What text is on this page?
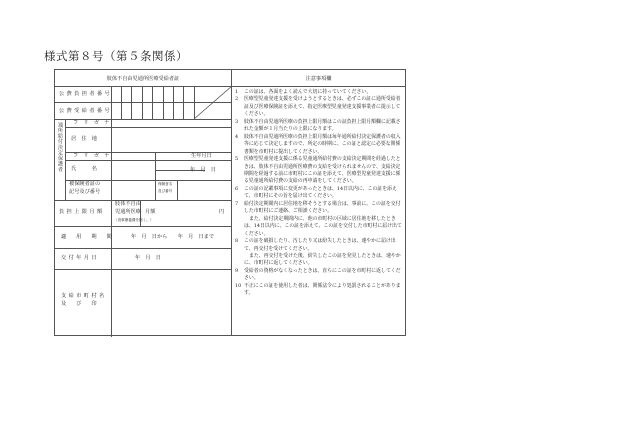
様式第８号（第５条関係）
肢体不自由児通所医療受給者証
公費負担者番号
公費受給者番号
通所給付決定保護者 フ　リ　ガ　ナ
居　住　地
フ　リ　ガ　ナ	生年月日
氏　　　名	年　月　日
被保険者証の
記号及び番号
保険者名
及び番号
負担上限月額
肢体不自由
児通所医療
（食事療養費を除く。）
月額	円
適　用　期　間	年　月　日から　　年　月　日まで
交付年月日	年　月　日
支給市町村名
及　び　印
注意事項欄
1	この証は、各面をよく読んで大切に持っていてください。
2	医療型児童発達支援を受けようとするときは、必ずこの証に通所受給者証及び医療保険証を添えて、指定医療型児童発達支援事業者に提示してください。
3	肢体不自由児通所医療の負担上限月額はこの証負担上限月額欄に記載された金額が１月当たりの上限になります。
4	肢体不自由児通所医療の負担上限月額は毎年通所給付決定保護者の収入等に応じて決定しますので、所定の時期に、この証と認定に必要な関係書類を市町村に提出してください。
5	医療型児童発達支援に係る児童通所給付費の支給決定期間を経過したときは、肢体不自由児通所医療費の支給を受けられませんので、支給決定期間を経過する前に市町村にこの証を添えて、医療型児童発達支援に係る児童通所給付費の支給の再申請をしてください。
6	この証の記載事項に変更があったときは、14日以内に、この証を添えて、市町村にその旨を届け出てください。
7	給付決定期間内に居住地を移そうとする場合は、事前に、この証を交付した市町村にご連絡、ご相談ください。
また、給付決定期間内に、他の市町村の区域に居住地を移したときは、14日以内に、この証を添えて、この証を交付した市町村に届け出てください。
8	この証を破損したり、汚したり又は紛失したときは、速やかに届け出て、再交付を受けてください。
また、再交付を受けた後、紛失したこの証を発見したときは、速やかに、市町村に返してください。
9	受給者の資格がなくなったときは、直ちにこの証を市町村に返してください。
10 不正にこの証を使用した者は、関係法令により処罰されることがあります。
